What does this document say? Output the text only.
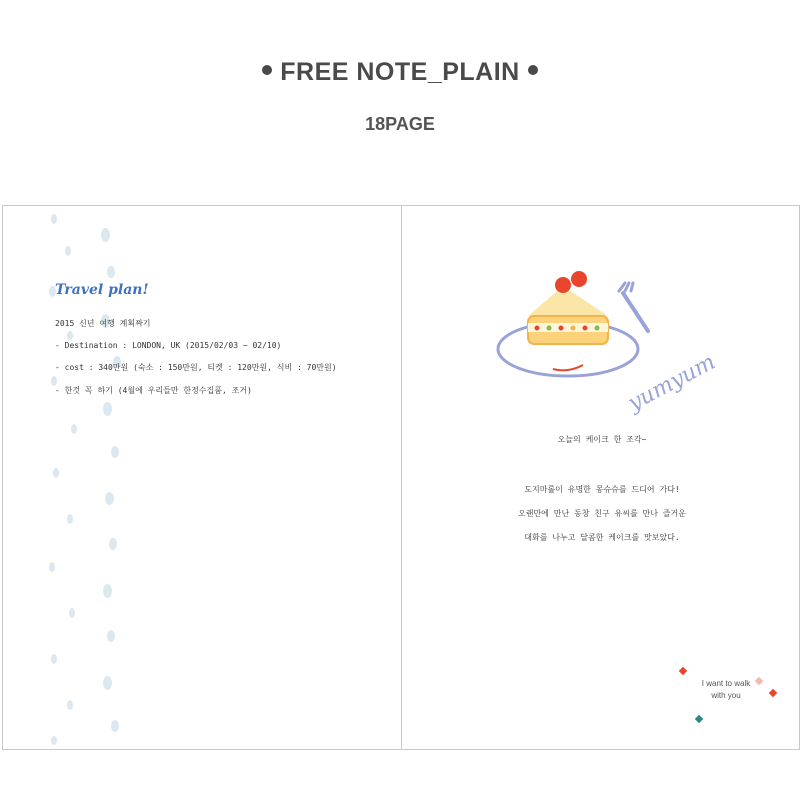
FREE NOTE_PLAIN
18PAGE
Travel plan!
2015 신년 여행 계획짜기
- Destination : LONDON, UK (2015/02/03 ~ 02/10)
- cost : 340만원 (숙소 : 150만원, 티켓 : 120만원, 식비 : 70만원)
- 한것 꼭 하기 (4월에 우리들만 한정수집품, 조거)	yumyum
오늘의 케이크 한 조각~
도지마롤이 유명한 몽슈슈를 드디어 가다!
오랜만에 만난 동창 친구 유씨를 만나 즐거운
대화를 나누고 달콤한 케이크를 맛보았다.
I want to walk
with you
